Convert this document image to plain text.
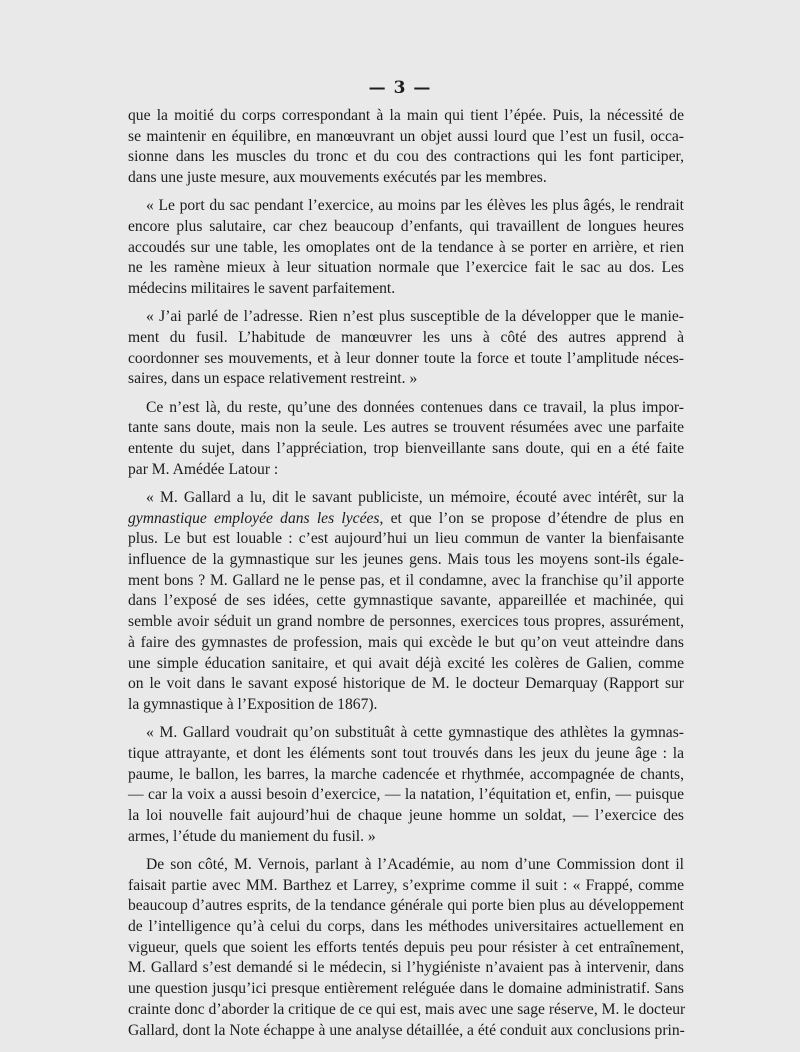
— 3 —

que la moitié du corps correspondant à la main qui tient l’épée. Puis, la nécessité de
se maintenir en équilibre, en manœuvrant un objet aussi lourd que l’est un fusil, occa-
sionne dans les muscles du tronc et du cou des contractions qui les font participer,
dans une juste mesure, aux mouvements exécutés par les membres.

« Le port du sac pendant l’exercice, au moins par les élèves les plus âgés, le rendrait
encore plus salutaire, car chez beaucoup d’enfants, qui travaillent de longues heures
accoudés sur une table, les omoplates ont de la tendance à se porter en arrière, et rien
ne les ramène mieux à leur situation normale que l’exercice fait le sac au dos. Les
médecins militaires le savent parfaitement.

« J’ai parlé de l’adresse. Rien n’est plus susceptible de la développer que le manie-
ment du fusil. L’habitude de manœuvrer les uns à côté des autres apprend à
coordonner ses mouvements, et à leur donner toute la force et toute l’amplitude néces-
saires, dans un espace relativement restreint. »

Ce n’est là, du reste, qu’une des données contenues dans ce travail, la plus impor-
tante sans doute, mais non la seule. Les autres se trouvent résumées avec une parfaite
entente du sujet, dans l’appréciation, trop bienveillante sans doute, qui en a été faite
par M. Amédée Latour :

« M. Gallard a lu, dit le savant publiciste, un mémoire, écouté avec intérêt, sur la
gymnastique employée dans les lycées, et que l’on se propose d’étendre de plus en
plus. Le but est louable : c’est aujourd’hui un lieu commun de vanter la bienfaisante
influence de la gymnastique sur les jeunes gens. Mais tous les moyens sont-ils égale-
ment bons ? M. Gallard ne le pense pas, et il condamne, avec la franchise qu’il apporte
dans l’exposé de ses idées, cette gymnastique savante, appareillée et machinée, qui
semble avoir séduit un grand nombre de personnes, exercices tous propres, assurément,
à faire des gymnastes de profession, mais qui excède le but qu’on veut atteindre dans
une simple éducation sanitaire, et qui avait déjà excité les colères de Galien, comme
on le voit dans le savant exposé historique de M. le docteur Demarquay (Rapport sur
la gymnastique à l’Exposition de 1867).

« M. Gallard voudrait qu’on substituât à cette gymnastique des athlètes la gymnas-
tique attrayante, et dont les éléments sont tout trouvés dans les jeux du jeune âge : la
paume, le ballon, les barres, la marche cadencée et rhythmée, accompagnée de chants,
— car la voix a aussi besoin d’exercice, — la natation, l’équitation et, enfin, — puisque
la loi nouvelle fait aujourd’hui de chaque jeune homme un soldat, — l’exercice des
armes, l’étude du maniement du fusil. »

De son côté, M. Vernois, parlant à l’Académie, au nom d’une Commission dont il
faisait partie avec MM. Barthez et Larrey, s’exprime comme il suit : « Frappé, comme
beaucoup d’autres esprits, de la tendance générale qui porte bien plus au développement
de l’intelligence qu’à celui du corps, dans les méthodes universitaires actuellement en
vigueur, quels que soient les efforts tentés depuis peu pour résister à cet entraînement,
M. Gallard s’est demandé si le médecin, si l’hygiéniste n’avaient pas à intervenir, dans
une question jusqu’ici presque entièrement reléguée dans le domaine administratif. Sans
crainte donc d’aborder la critique de ce qui est, mais avec une sage réserve, M. le docteur
Gallard, dont la Note échappe à une analyse détaillée, a été conduit aux conclusions prin-
